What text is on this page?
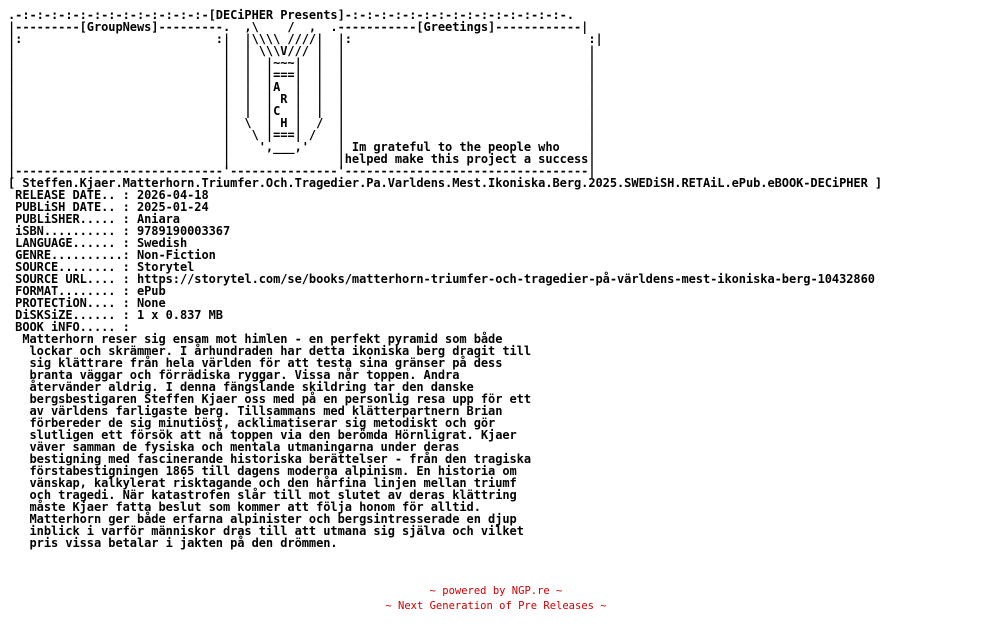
.-:-:-:-:-:-:-:-:-:-:-:-:-:-[DECiPHER Presents]-:-:-:-:-:-:-:-:-:-:-:-:-:-:-:-.
|---------[GroupNews]---------.  ,\    /  ,  .-----------[Greetings]------------|
|:                           :|  |\\\\ ////|  |:                                 :|
|                             |  | \\\V/// |  |                                  |
|                             |  |  |~~~|  |  |                                  |
|                             |  |  |===|  |  |                                  |
|                             |  |  |A  |  |  |                                  |
|                             |  |  | R |  |  |                                  |
|                             |  |  |C  |  |  |                                  |
|                             |  \  | H |  /  |                                  |
|                             |   \ |===| /   |                                  |
|                             |    ',___,'    | Im grateful to the people who    |
|                             |               |helped make this project a success|
|-----------------------------'---------------'----------------------------------|
[ Steffen.Kjaer.Matterhorn.Triumfer.Och.Tragedier.Pa.Varldens.Mest.Ikoniska.Berg.2025.SWEDiSH.RETAiL.ePub.eBOOK-DECiPHER ]
RELEASE DATE.. : 2026-04-18
PUBLiSH DATE.. : 2025-01-24
PUBLiSHER..... : Aniara
iSBN.......... : 9789190003367
LANGUAGE...... : Swedish
GENRE..........: Non-Fiction
SOURCE........ : Storytel
SOURCE URL.... : https://storytel.com/se/books/matterhorn-triumfer-och-tragedier-på-världens-mest-ikoniska-berg-10432860
FORMAT........ : ePub
PROTECTiON.... : None
DiSKSiZE...... : 1 x 0.837 MB
BOOK iNFO..... :
Matterhorn reser sig ensam mot himlen - en perfekt pyramid som både
lockar och skrämmer. I århundraden har detta ikoniska berg dragit till
sig klättrare från hela världen för att testa sina gränser på dess
branta väggar och förrädiska ryggar. Vissa når toppen. Andra
återvänder aldrig. I denna fängslande skildring tar den danske
bergsbestigaren Steffen Kjaer oss med på en personlig resa upp för ett
av världens farligaste berg. Tillsammans med klätterpartnern Brian
förbereder de sig minutiöst, acklimatiserar sig metodiskt och gör
slutligen ett försök att nå toppen via den berömda Hörnligrat. Kjaer
väver samman de fysiska och mentala utmaningarna under deras
bestigning med fascinerande historiska berättelser - från den tragiska
förstabestigningen 1865 till dagens moderna alpinism. En historia om
vänskap, kalkylerat risktagande och den hårfina linjen mellan triumf
och tragedi. När katastrofen slår till mot slutet av deras klättring
måste Kjaer fatta beslut som kommer att följa honom för alltid.
Matterhorn ger både erfarna alpinister och bergsintresserade en djup
inblick i varför människor dras till att utmana sig själva och vilket
pris vissa betalar i jakten på den drömmen.

~ powered by NGP.re ~
~ Next Generation of Pre Releases ~
